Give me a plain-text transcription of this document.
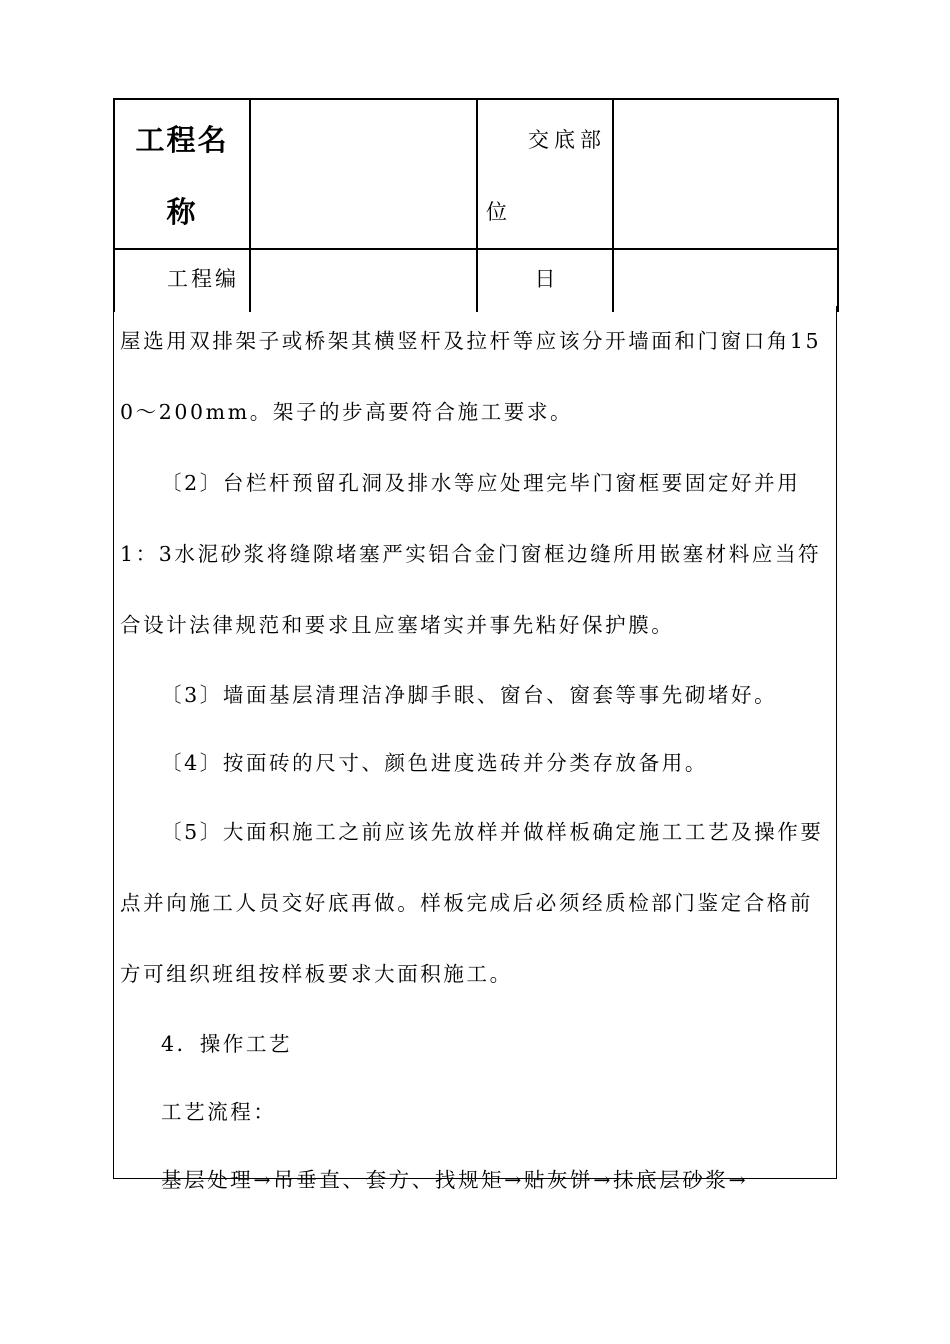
工程名称		交底部
位	

工程编		日	

屋选用双排架子或桥架其横竖杆及拉杆等应该分开墙面和门窗口角150～200mm。架子的步高要符合施工要求。

〔2〕台栏杆预留孔洞及排水等应处理完毕门窗框要固定好并用1：3水泥砂浆将缝隙堵塞严实铝合金门窗框边缝所用嵌塞材料应当符合设计法律规范和要求且应塞堵实并事先粘好保护膜。

〔3〕墙面基层清理洁净脚手眼、窗台、窗套等事先砌堵好。

〔4〕按面砖的尺寸、颜色进度选砖并分类存放备用。

〔5〕大面积施工之前应该先放样并做样板确定施工工艺及操作要点并向施工人员交好底再做。样板完成后必须经质检部门鉴定合格前方可组织班组按样板要求大面积施工。

4．操作工艺

工艺流程：

基层处理→吊垂直、套方、找规矩→贴灰饼→抹底层砂浆→
